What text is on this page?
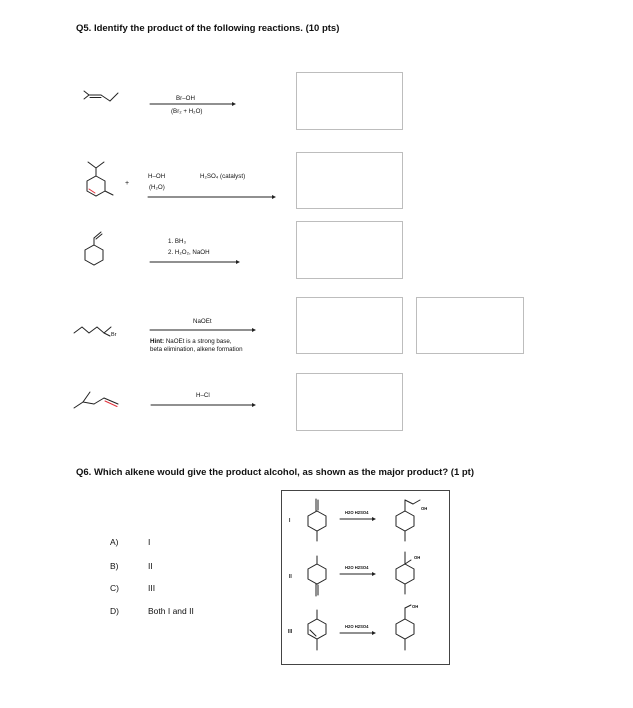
Q5. Identify the product of the following reactions. (10 pts)
Br–OH
(Br₂ + H₂O)
+
H–OH
(H₂O)
H₂SO₄ (catalyst)
1. BH₃
2. H₂O₂, NaOH
Br
NaOEt
Hint: NaOEt is a strong base,
beta elimination, alkene formation
H–Cl
Q6. Which alkene would give the product alcohol, as shown as the major product? (1 pt)
A)	I
B)	II
C)	III
D)	Both I and II
I
II
III
H2O H2SO4
H2O H2SO4
H2O H2SO4
OH
OH
OH
